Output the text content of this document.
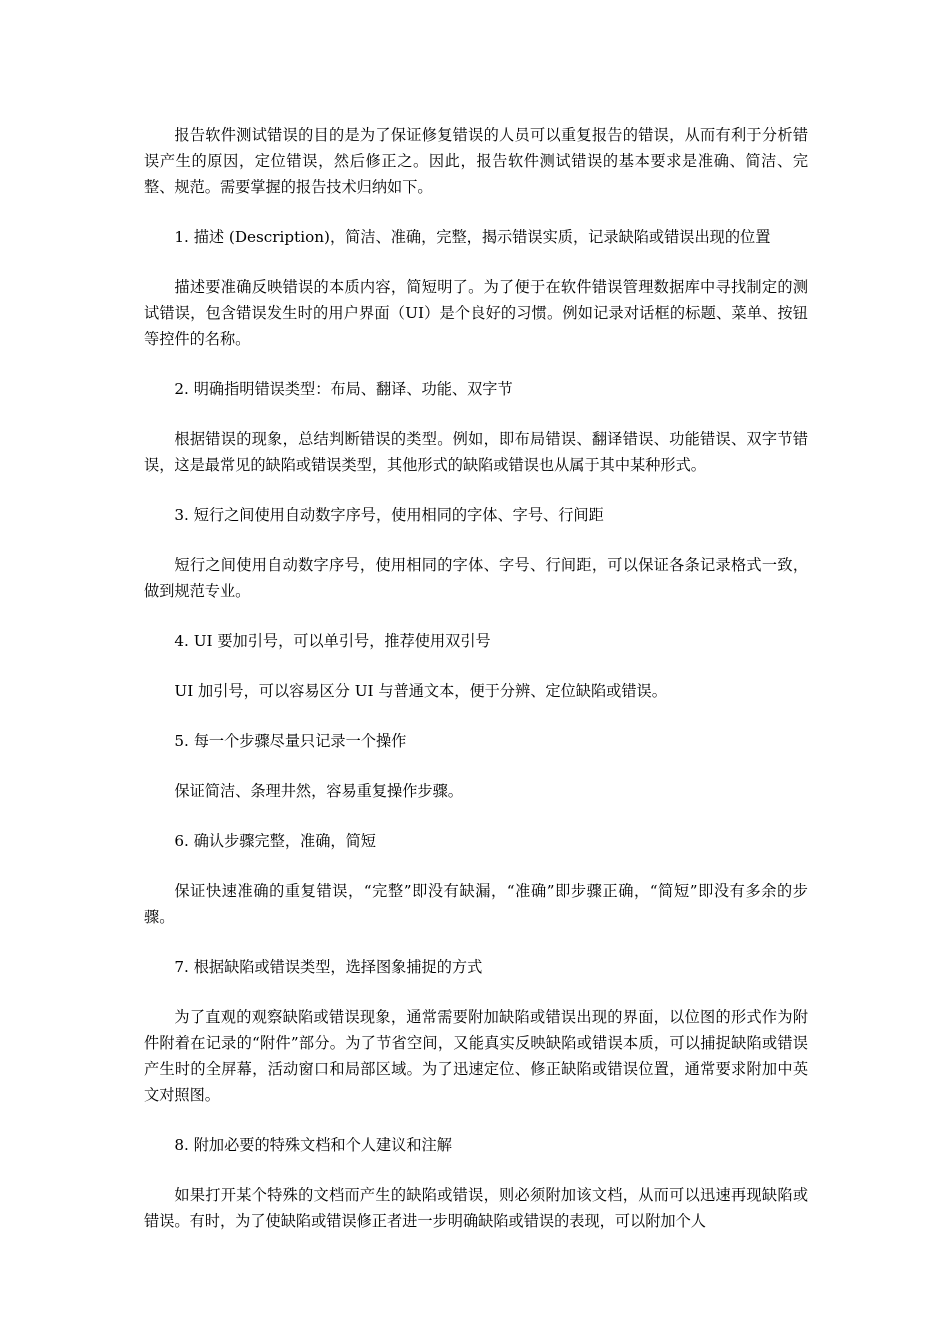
报告软件测试错误的目的是为了保证修复错误的人员可以重复报告的错误，从而有利于分析错误产生的原因，定位错误，然后修正之。因此，报告软件测试错误的基本要求是准确、简洁、完整、规范。需要掌握的报告技术归纳如下。

1. 描述 (Description)，简洁、准确，完整，揭示错误实质，记录缺陷或错误出现的位置

描述要准确反映错误的本质内容，简短明了。为了便于在软件错误管理数据库中寻找制定的测试错误，包含错误发生时的用户界面（UI）是个良好的习惯。例如记录对话框的标题、菜单、按钮等控件的名称。

2. 明确指明错误类型：布局、翻译、功能、双字节

根据错误的现象，总结判断错误的类型。例如，即布局错误、翻译错误、功能错误、双字节错误，这是最常见的缺陷或错误类型，其他形式的缺陷或错误也从属于其中某种形式。

3. 短行之间使用自动数字序号，使用相同的字体、字号、行间距

短行之间使用自动数字序号，使用相同的字体、字号、行间距，可以保证各条记录格式一致，做到规范专业。

4. UI 要加引号，可以单引号，推荐使用双引号

UI 加引号，可以容易区分 UI 与普通文本，便于分辨、定位缺陷或错误。

5. 每一个步骤尽量只记录一个操作

保证简洁、条理井然，容易重复操作步骤。

6. 确认步骤完整，准确，简短

保证快速准确的重复错误，“完整”即没有缺漏，“准确”即步骤正确，“简短”即没有多余的步骤。

7. 根据缺陷或错误类型，选择图象捕捉的方式

为了直观的观察缺陷或错误现象，通常需要附加缺陷或错误出现的界面，以位图的形式作为附件附着在记录的“附件”部分。为了节省空间，又能真实反映缺陷或错误本质，可以捕捉缺陷或错误产生时的全屏幕，活动窗口和局部区域。为了迅速定位、修正缺陷或错误位置，通常要求附加中英文对照图。

8. 附加必要的特殊文档和个人建议和注解

如果打开某个特殊的文档而产生的缺陷或错误，则必须附加该文档，从而可以迅速再现缺陷或错误。有时，为了使缺陷或错误修正者进一步明确缺陷或错误的表现，可以附加个人
